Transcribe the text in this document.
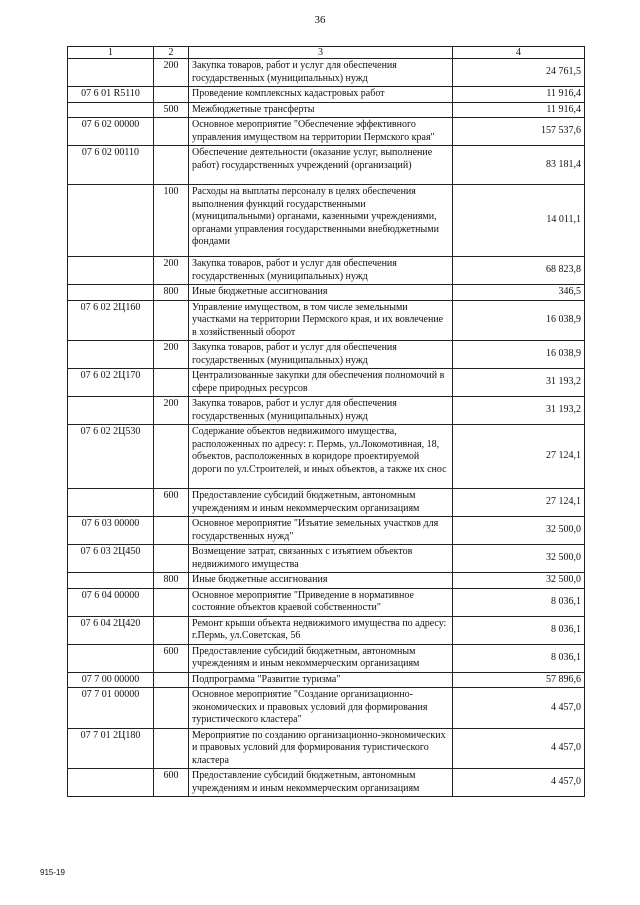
36
1	2	3	4
	200	Закупка товаров, работ и услуг для обеспечения государственных (муниципальных) нужд	24 761,5
07 6 01 R5110		Проведение комплексных кадастровых работ	11 916,4
	500	Межбюджетные трансферты	11 916,4
07 6 02 00000		Основное мероприятие "Обеспечение эффективного управления имуществом на территории Пермского края"	157 537,6
07 6 02 00110		Обеспечение деятельности (оказание услуг, выполнение работ) государственных учреждений (организаций)	83 181,4
	100	Расходы на выплаты персоналу в целях обеспечения выполнения функций государственными (муниципальными) органами, казенными учреждениями, органами управления государственными внебюджетными фондами	14 011,1
	200	Закупка товаров, работ и услуг для обеспечения государственных (муниципальных) нужд	68 823,8
	800	Иные бюджетные ассигнования	346,5
07 6 02 2Ц160		Управление имуществом, в том числе земельными участками на территории Пермского края, и их вовлечение в хозяйственный оборот	16 038,9
	200	Закупка товаров, работ и услуг для обеспечения государственных (муниципальных) нужд	16 038,9
07 6 02 2Ц170		Централизованные закупки для обеспечения полномочий в сфере природных ресурсов	31 193,2
	200	Закупка товаров, работ и услуг для обеспечения государственных (муниципальных) нужд	31 193,2
07 6 02 2Ц530		Содержание объектов недвижимого имущества, расположенных по адресу: г. Пермь, ул.Локомотивная, 18, объектов, расположенных в коридоре проектируемой дороги по ул.Строителей, и иных объектов, а также их снос	27 124,1
	600	Предоставление субсидий бюджетным, автономным учреждениям и иным некоммерческим организациям	27 124,1
07 6 03 00000		Основное мероприятие "Изъятие земельных участков для государственных нужд"	32 500,0
07 6 03 2Ц450		Возмещение затрат, связанных с изъятием объектов недвижимого имущества	32 500,0
	800	Иные бюджетные ассигнования	32 500,0
07 6 04 00000		Основное мероприятие "Приведение в нормативное состояние объектов краевой собственности"	8 036,1
07 6 04 2Ц420		Ремонт крыши объекта недвижимого имущества по адресу: г.Пермь, ул.Советская, 56	8 036,1
	600	Предоставление субсидий бюджетным, автономным учреждениям и иным некоммерческим организациям	8 036,1
07 7 00 00000		Подпрограмма "Развитие туризма"	57 896,6
07 7 01 00000		Основное мероприятие "Создание организационно-экономических и правовых условий для формирования туристического кластера"	4 457,0
07 7 01 2Ц180		Мероприятие по созданию организационно-экономических и правовых условий для формирования туристического кластера	4 457,0
	600	Предоставление субсидий бюджетным, автономным учреждениям и иным некоммерческим организациям	4 457,0
915-19
